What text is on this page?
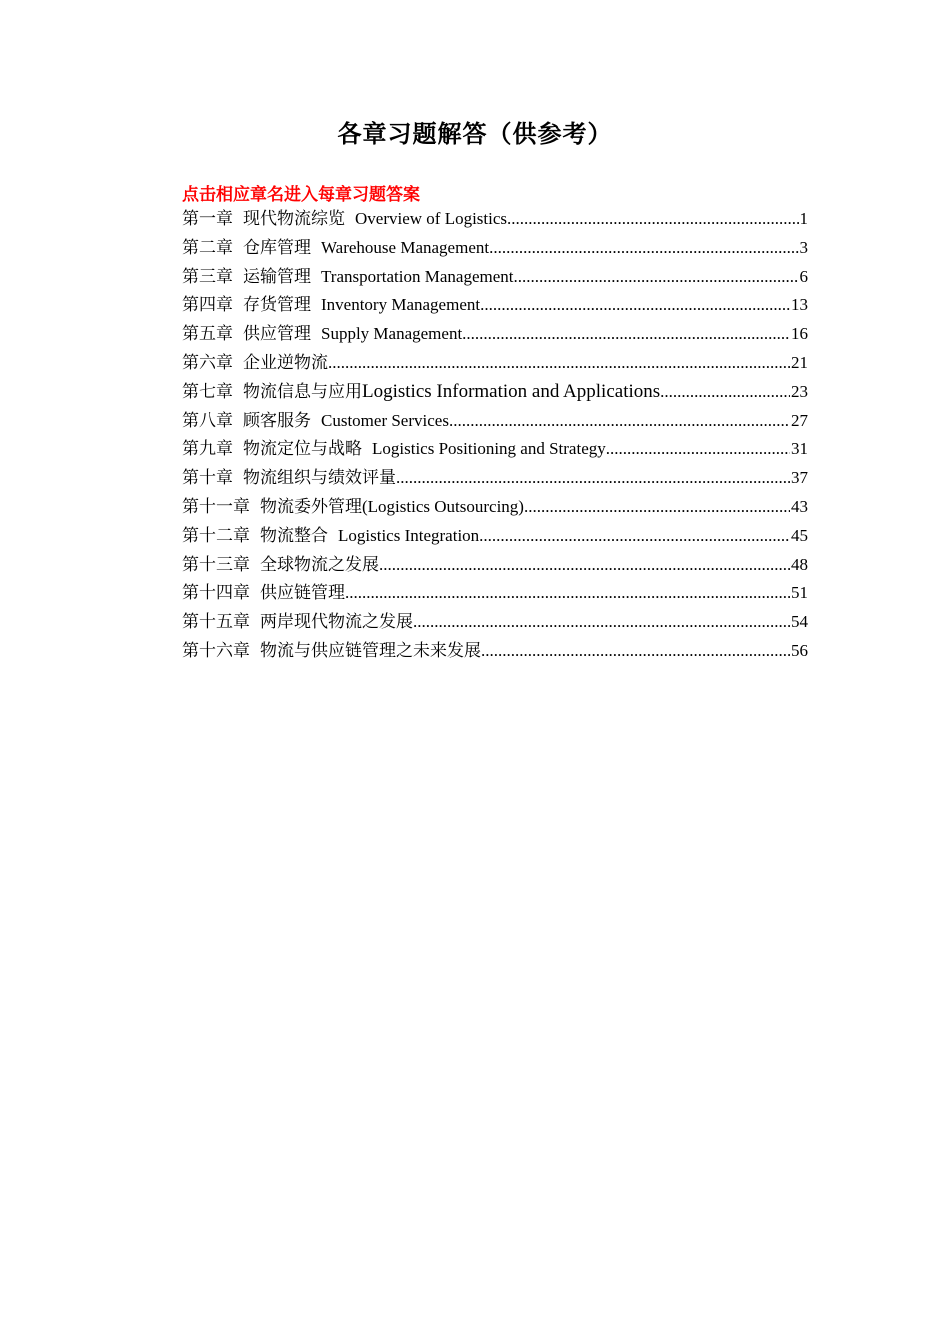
各章习题解答（供参考）
点击相应章名进入每章习题答案
第一章 现代物流综览 Overview of Logistics .....	1
第二章 仓库管理 Warehouse Management .....	3
第三章 运输管理 Transportation Management .....	6
第四章 存货管理 Inventory Management .....	13
第五章 供应管理 Supply Management .....	16
第六章 企业逆物流 .....	21
第七章 物流信息与应用 Logistics Information and Applications .....	23
第八章 顾客服务 Customer Services .....	27
第九章 物流定位与战略 Logistics Positioning and Strategy .....	31
第十章 物流组织与绩效评量 .....	37
第十一章 物流委外管理 (Logistics Outsourcing) .....	43
第十二章 物流整合 Logistics Integration .....	45
第十三章 全球物流之发展 .....	48
第十四章 供应链管理 .....	51
第十五章 两岸现代物流之发展 .....	54
第十六章 物流与供应链管理之未来发展 .....	56
